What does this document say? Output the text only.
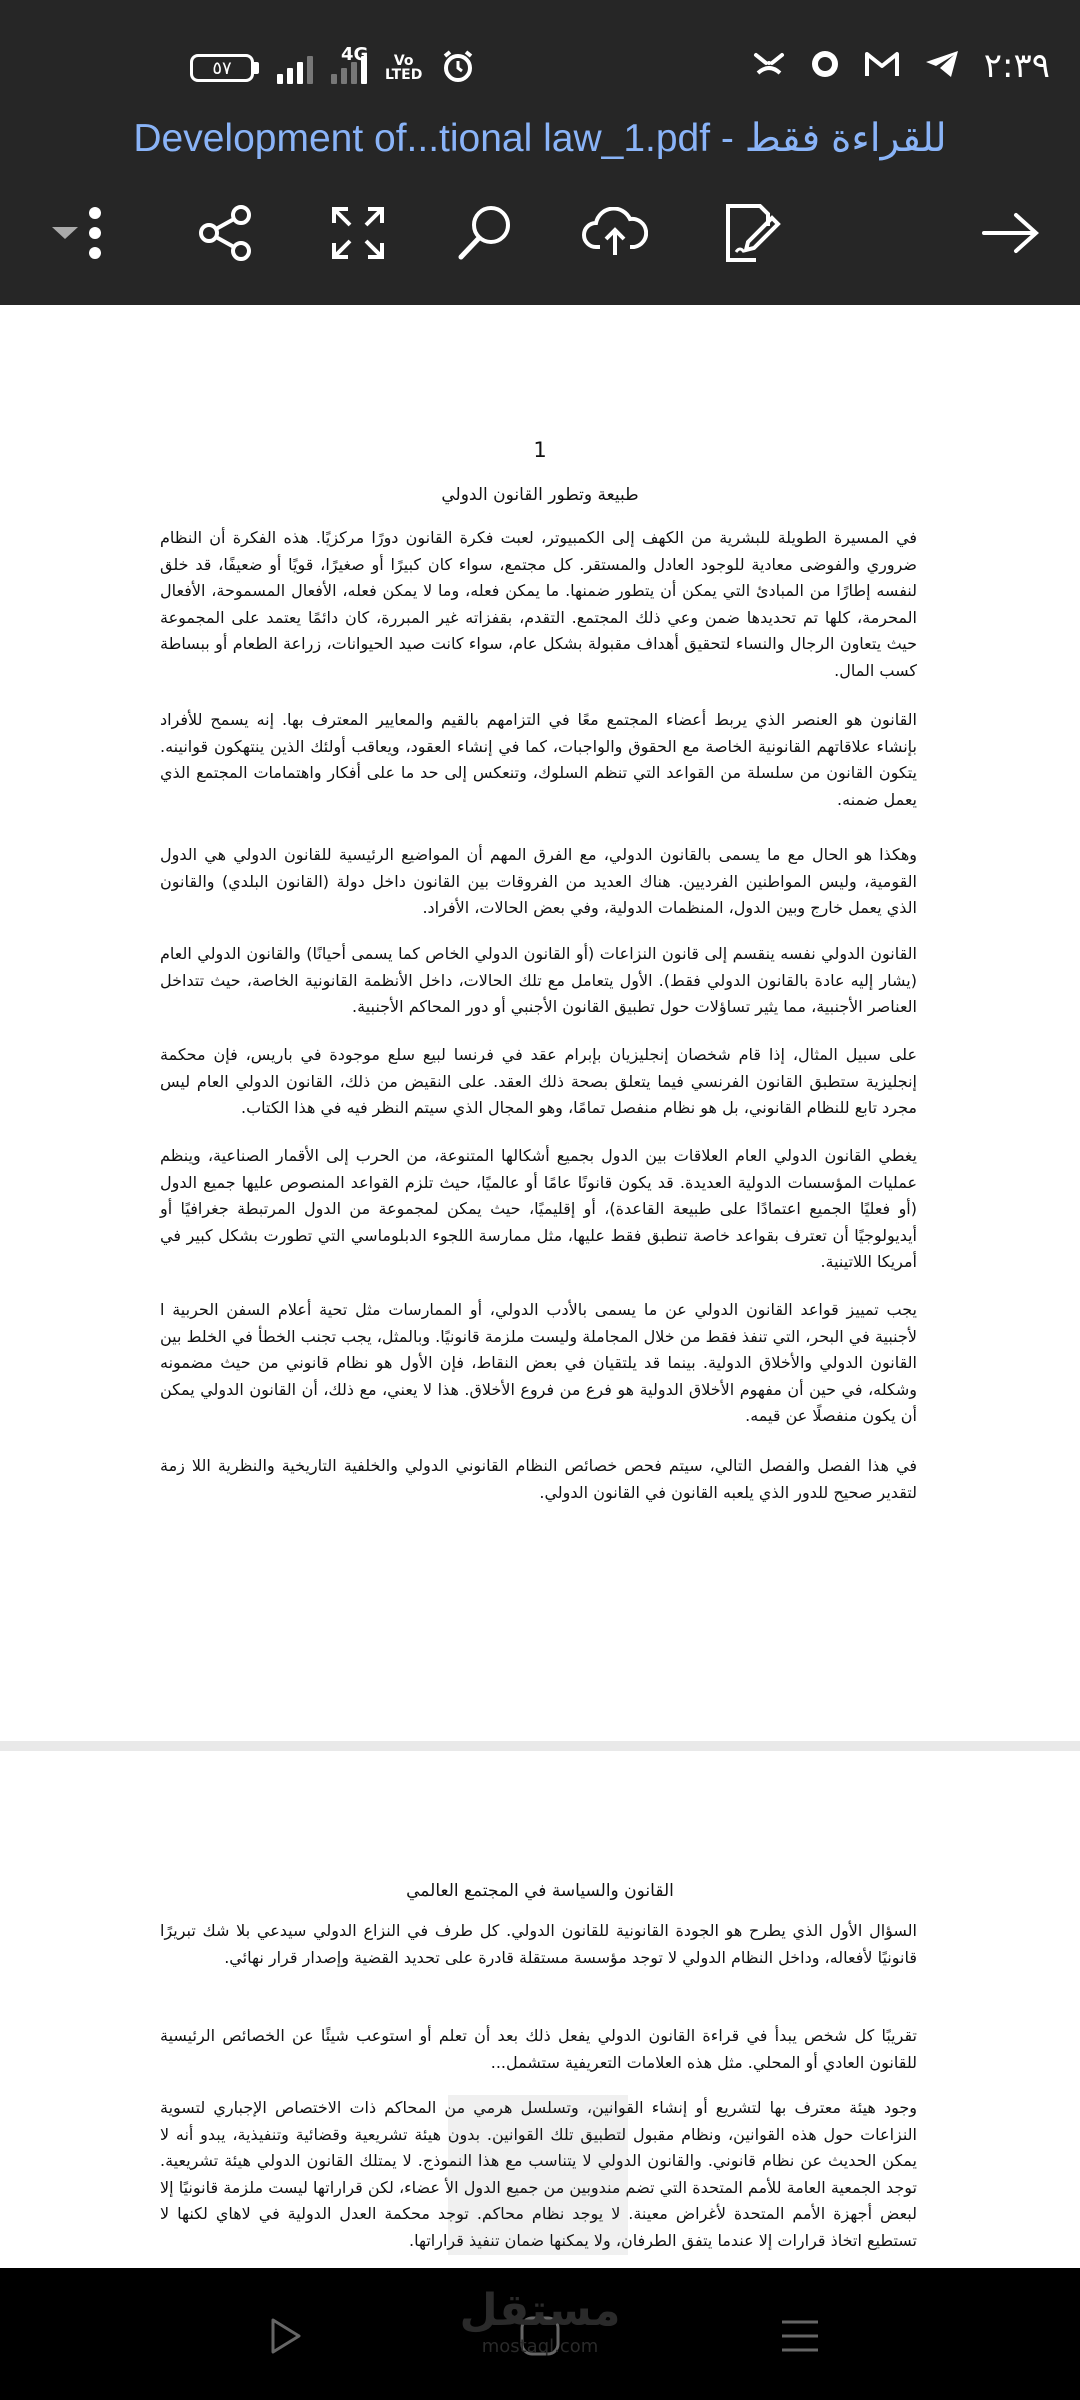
٥٧
4G	Vo
LTED	٢:٣٩
Development of...tional law_1.pdf - للقراءة فقط
1
طبيعة وتطور القانون الدولي

في المسيرة الطويلة للبشرية من الكهف إلى الكمبيوتر، لعبت فكرة القانون دورًا مركزيًا. هذه الفكرة أن النظام ضروري والفوضى معادية للوجود العادل والمستقر. كل مجتمع، سواء كان كبيرًا أو صغيرًا، قويًا أو ضعيفًا، قد خلق لنفسه إطارًا من المبادئ التي يمكن أن يتطور ضمنها. ما يمكن فعله، وما لا يمكن فعله، الأفعال المسموحة، الأفعال المحرمة، كلها تم تحديدها ضمن وعي ذلك المجتمع. التقدم، بقفزاته غير المبررة، كان دائمًا يعتمد على المجموعة حيث يتعاون الرجال والنساء لتحقيق أهداف مقبولة بشكل عام، سواء كانت صيد الحيوانات، زراعة الطعام أو ببساطة كسب المال.

القانون هو العنصر الذي يربط أعضاء المجتمع معًا في التزامهم بالقيم والمعايير المعترف بها. إنه يسمح للأفراد بإنشاء علاقاتهم القانونية الخاصة مع الحقوق والواجبات، كما في إنشاء العقود، ويعاقب أولئك الذين ينتهكون قوانينه. يتكون القانون من سلسلة من القواعد التي تنظم السلوك، وتنعكس إلى حد ما على أفكار واهتمامات المجتمع الذي يعمل ضمنه.

وهكذا هو الحال مع ما يسمى بالقانون الدولي، مع الفرق المهم أن المواضيع الرئيسية للقانون الدولي هي الدول القومية، وليس المواطنين الفرديين. هناك العديد من الفروقات بين القانون داخل دولة (القانون البلدي) والقانون الذي يعمل خارج وبين الدول، المنظمات الدولية، وفي بعض الحالات، الأفراد.

القانون الدولي نفسه ينقسم إلى قانون النزاعات (أو القانون الدولي الخاص كما يسمى أحيانًا) والقانون الدولي العام (يشار إليه عادة بالقانون الدولي فقط). الأول يتعامل مع تلك الحالات، داخل الأنظمة القانونية الخاصة، حيث تتداخل العناصر الأجنبية، مما يثير تساؤلات حول تطبيق القانون الأجنبي أو دور المحاكم الأجنبية.

على سبيل المثال، إذا قام شخصان إنجليزيان بإبرام عقد في فرنسا لبيع سلع موجودة في باريس، فإن محكمة إنجليزية ستطبق القانون الفرنسي فيما يتعلق بصحة ذلك العقد. على النقيض من ذلك، القانون الدولي العام ليس مجرد تابع للنظام القانوني، بل هو نظام منفصل تمامًا، وهو المجال الذي سيتم النظر فيه في هذا الكتاب.

يغطي القانون الدولي العام العلاقات بين الدول بجميع أشكالها المتنوعة، من الحرب إلى الأقمار الصناعية، وينظم عمليات المؤسسات الدولية العديدة. قد يكون قانونًا عامًا أو عالميًا، حيث تلزم القواعد المنصوص عليها جميع الدول (أو فعليًا الجميع اعتمادًا على طبيعة القاعدة)، أو إقليميًا، حيث يمكن لمجموعة من الدول المرتبطة جغرافيًا أو أيديولوجيًا أن تعترف بقواعد خاصة تنطبق فقط عليها، مثل ممارسة اللجوء الدبلوماسي التي تطورت بشكل كبير في أمريكا اللاتينية.

يجب تمييز قواعد القانون الدولي عن ما يسمى بالأدب الدولي، أو الممارسات مثل تحية أعلام السفن الحربية ا لأجنبية في البحر، التي تنفذ فقط من خلال المجاملة وليست ملزمة قانونيًا. وبالمثل، يجب تجنب الخطأ في الخلط بين القانون الدولي والأخلاق الدولية. بينما قد يلتقيان في بعض النقاط، فإن الأول هو نظام قانوني من حيث مضمونه وشكله، في حين أن مفهوم الأخلاق الدولية هو فرع من فروع الأخلاق. هذا لا يعني، مع ذلك، أن القانون الدولي يمكن أن يكون منفصلًا عن قيمه.

في هذا الفصل والفصل التالي، سيتم فحص خصائص النظام القانوني الدولي والخلفية التاريخية والنظرية اللا زمة لتقدير صحيح للدور الذي يلعبه القانون في القانون الدولي.

القانون والسياسة في المجتمع العالمي

السؤال الأول الذي يطرح هو الجودة القانونية للقانون الدولي. كل طرف في النزاع الدولي سيدعي بلا شك تبريرًا قانونيًا لأفعاله، وداخل النظام الدولي لا توجد مؤسسة مستقلة قادرة على تحديد القضية وإصدار قرار نهائي.

تقريبًا كل شخص يبدأ في قراءة القانون الدولي يفعل ذلك بعد أن تعلم أو استوعب شيئًا عن الخصائص الرئيسية للقانون العادي أو المحلي. مثل هذه العلامات التعريفية ستشمل...

وجود هيئة معترف بها لتشريع أو إنشاء القوانين، وتسلسل هرمي من المحاكم ذات الاختصاص الإجباري لتسوية النزاعات حول هذه القوانين، ونظام مقبول لتطبيق تلك القوانين. بدون هيئة تشريعية وقضائية وتنفيذية، يبدو أنه لا يمكن الحديث عن نظام قانوني. والقانون الدولي لا يتناسب مع هذا النموذج. لا يمتلك القانون الدولي هيئة تشريعية. توجد الجمعية العامة للأمم المتحدة التي تضم مندوبين من جميع الدول الأ عضاء، لكن قراراتها ليست ملزمة قانونيًا إلا لبعض أجهزة الأمم المتحدة لأغراض معينة. لا يوجد نظام محاكم. توجد محكمة العدل الدولية في لاهاي لكنها لا تستطيع اتخاذ قرارات إلا عندما يتفق الطرفان، ولا يمكنها ضمان تنفيذ قراراتها.

مستقل
mostaql.com
